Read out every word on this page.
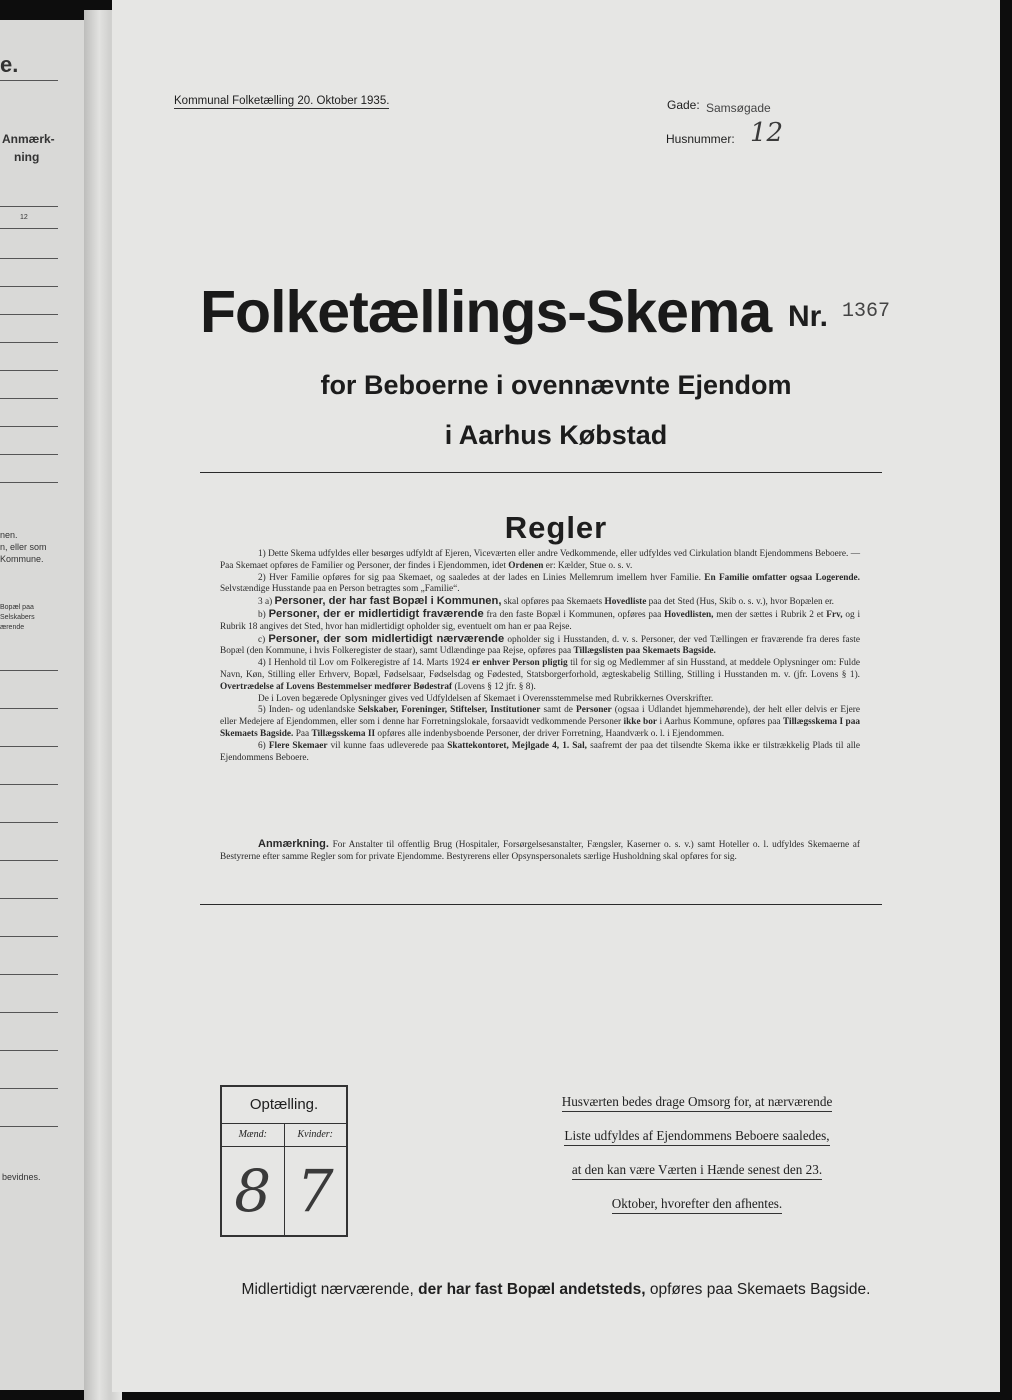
e.
Anmærk-
ning
12
nen.
n, eller som
Kommune.
Bopæl paa
Selskabers
ærende
bevidnes.
Kommunal Folketælling 20. Oktober 1935.	Gade: Samsøgade
Husnummer: 12
Folketællings-Skema Nr. 1367
for Beboerne i ovennævnte Ejendom
i Aarhus Købstad
Regler

1) Dette Skema udfyldes eller besørges udfyldt af Ejeren, Viceværten eller andre Vedkommende, eller udfyldes ved Cirkulation blandt Ejendommens Beboere. — Paa Skemaet opføres de Familier og Personer, der findes i Ejendommen, idet Ordenen er: Kælder, Stue o. s. v.

2) Hver Familie opføres for sig paa Skemaet, og saaledes at der lades en Linies Mellemrum imellem hver Familie. En Familie omfatter ogsaa Logerende. Selvstændige Husstande paa en Person betragtes som „Familie“.

3 a) Personer, der har fast Bopæl i Kommunen, skal opføres paa Skemaets Hovedliste paa det Sted (Hus, Skib o. s. v.), hvor Bopælen er.

b) Personer, der er midlertidigt fraværende fra den faste Bopæl i Kommunen, opføres paa Hovedlisten, men der sættes i Rubrik 2 et Frv, og i Rubrik 18 angives det Sted, hvor han midlertidigt opholder sig, eventuelt om han er paa Rejse.

c) Personer, der som midlertidigt nærværende opholder sig i Husstanden, d. v. s. Personer, der ved Tællingen er fraværende fra deres faste Bopæl (den Kommune, i hvis Folkeregister de staar), samt Udlændinge paa Rejse, opføres paa Tillægslisten paa Skemaets Bagside.

4) I Henhold til Lov om Folkeregistre af 14. Marts 1924 er enhver Person pligtig til for sig og Medlemmer af sin Husstand, at meddele Oplysninger om: Fulde Navn, Køn, Stilling eller Erhverv, Bopæl, Fødselsaar, Fødselsdag og Fødested, Statsborgerforhold, ægteskabelig Stilling, Stilling i Husstanden m. v. (jfr. Lovens § 1). Overtrædelse af Lovens Bestemmelser medfører Bødestraf (Lovens § 12 jfr. § 8).

De i Loven begærede Oplysninger gives ved Udfyldelsen af Skemaet i Overensstemmelse med Rubrikkernes Overskrifter.

5) Inden- og udenlandske Selskaber, Foreninger, Stiftelser, Institutioner samt de Personer (ogsaa i Udlandet hjemmehørende), der helt eller delvis er Ejere eller Medejere af Ejendommen, eller som i denne har Forretningslokale, forsaavidt vedkommende Personer ikke bor i Aarhus Kommune, opføres paa Tillægsskema I paa Skemaets Bagside. Paa Tillægsskema II opføres alle indenbysboende Personer, der driver Forretning, Haandværk o. l. i Ejendommen.

6) Flere Skemaer vil kunne faas udleverede paa Skattekontoret, Mejlgade 4, 1. Sal, saafremt der paa det tilsendte Skema ikke er tilstrækkelig Plads til alle Ejendommens Beboere.

Anmærkning. For Anstalter til offentlig Brug (Hospitaler, Forsørgelsesanstalter, Fængsler, Kaserner o. s. v.) samt Hoteller o. l. udfyldes Skemaerne af Bestyrerne efter samme Regler som for private Ejendomme. Bestyrerens eller Opsynspersonalets særlige Husholdning skal opføres for sig.
Optælling.
Mænd:	Kvinder:
8 7
Husværten bedes drage Omsorg for, at nærværende
Liste udfyldes af Ejendommens Beboere saaledes,
at den kan være Værten i Hænde senest den 23.
Oktober, hvorefter den afhentes.
Midlertidigt nærværende, der har fast Bopæl andetsteds, opføres paa Skemaets Bagside.
